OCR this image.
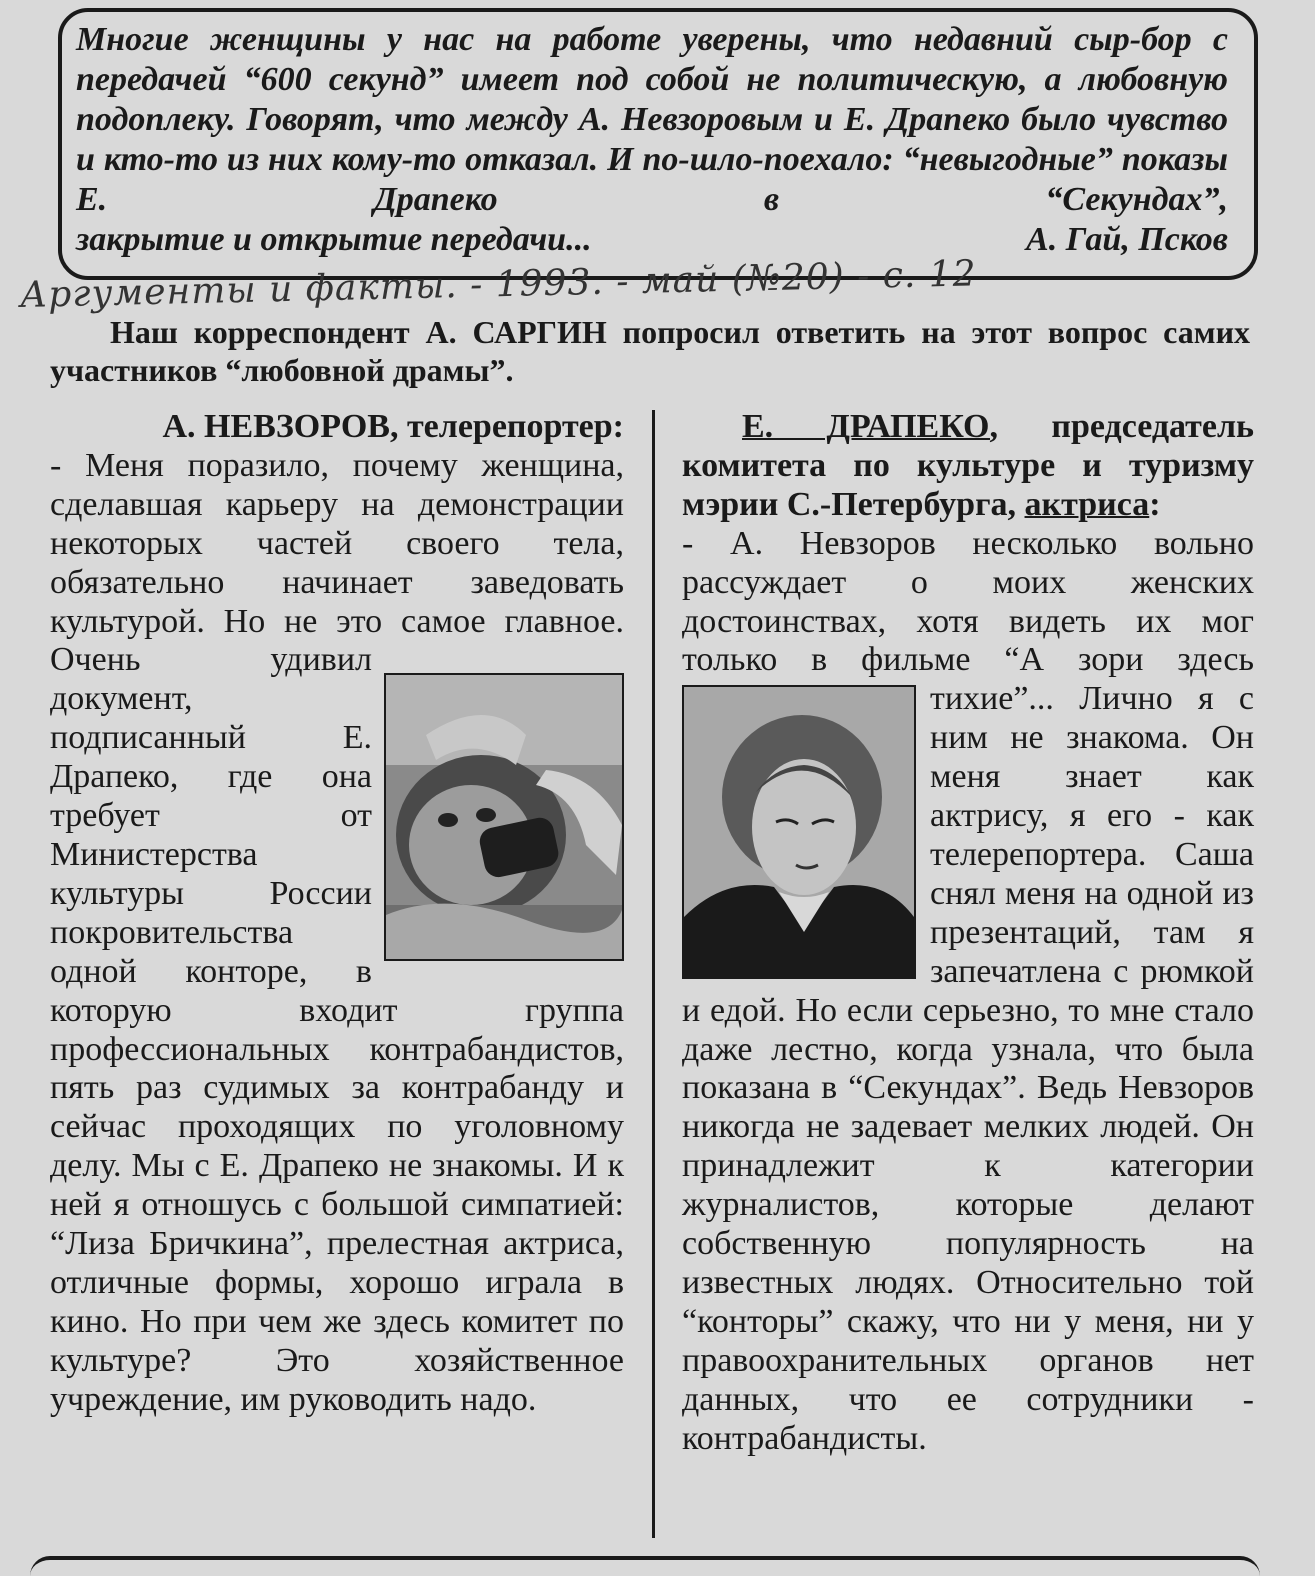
Многие женщины у нас на работе уверены, что недавний сыр-бор с передачей “600 секунд” имеет под собой не политическую, а любовную подоплеку. Говорят, что между А. Невзоровым и Е. Драпеко было чувство и кто-то из них кому-то отказал. И по-шло-поехало: “невыгодные” показы Е. Драпеко в “Секундах”,

закрытие и открытие передачи...	А. Гай, Псков
Аргументы и факты. - 1993. - май (№20) - с. 12
Наш корреспондент А. САРГИН попросил ответить на этот вопрос самих участников “любовной драмы”.
А. НЕВЗОРОВ, телерепортер:
- Меня поразило, почему женщина, сделавшая карьеру на демонстрации некоторых частей своего тела, обязательно начинает заведовать культурой. Но не это самое главное. Очень удивил документ, подписанный Е. Драпеко, где она требует от Министерства культуры России покровительства одной конторе, в которую входит группа профессиональных контрабандистов, пять раз судимых за контрабанду и сейчас проходящих по уголовному делу. Мы с Е. Драпеко не знакомы. И к ней я отношусь с большой симпатией: “Лиза Бричкина”, прелестная актриса, отличные формы, хорошо играла в кино. Но при чем же здесь комитет по культуре? Это хозяйственное учреждение, им руководить надо.
Е. ДРАПЕКО, председатель комитета по культуре и туризму мэрии С.-Петербурга, актриса:
- А. Невзоров несколько вольно рассуждает о моих женских достоинствах, хотя видеть их мог только в фильме “А зори здесь тихие”... Лично я с ним не знакома. Он меня знает как актрису, я его - как телерепортера. Саша снял меня на одной из презентаций, там я запечатлена с рюмкой и едой. Но если серьезно, то мне стало даже лестно, когда узнала, что была показана в “Секундах”. Ведь Невзоров никогда не задевает мелких людей. Он принадлежит к категории журналистов, которые делают собственную популярность на известных людях. Относительно той “конторы” скажу, что ни у меня, ни у правоохранительных органов нет данных, что ее сотрудники - контрабандисты.
